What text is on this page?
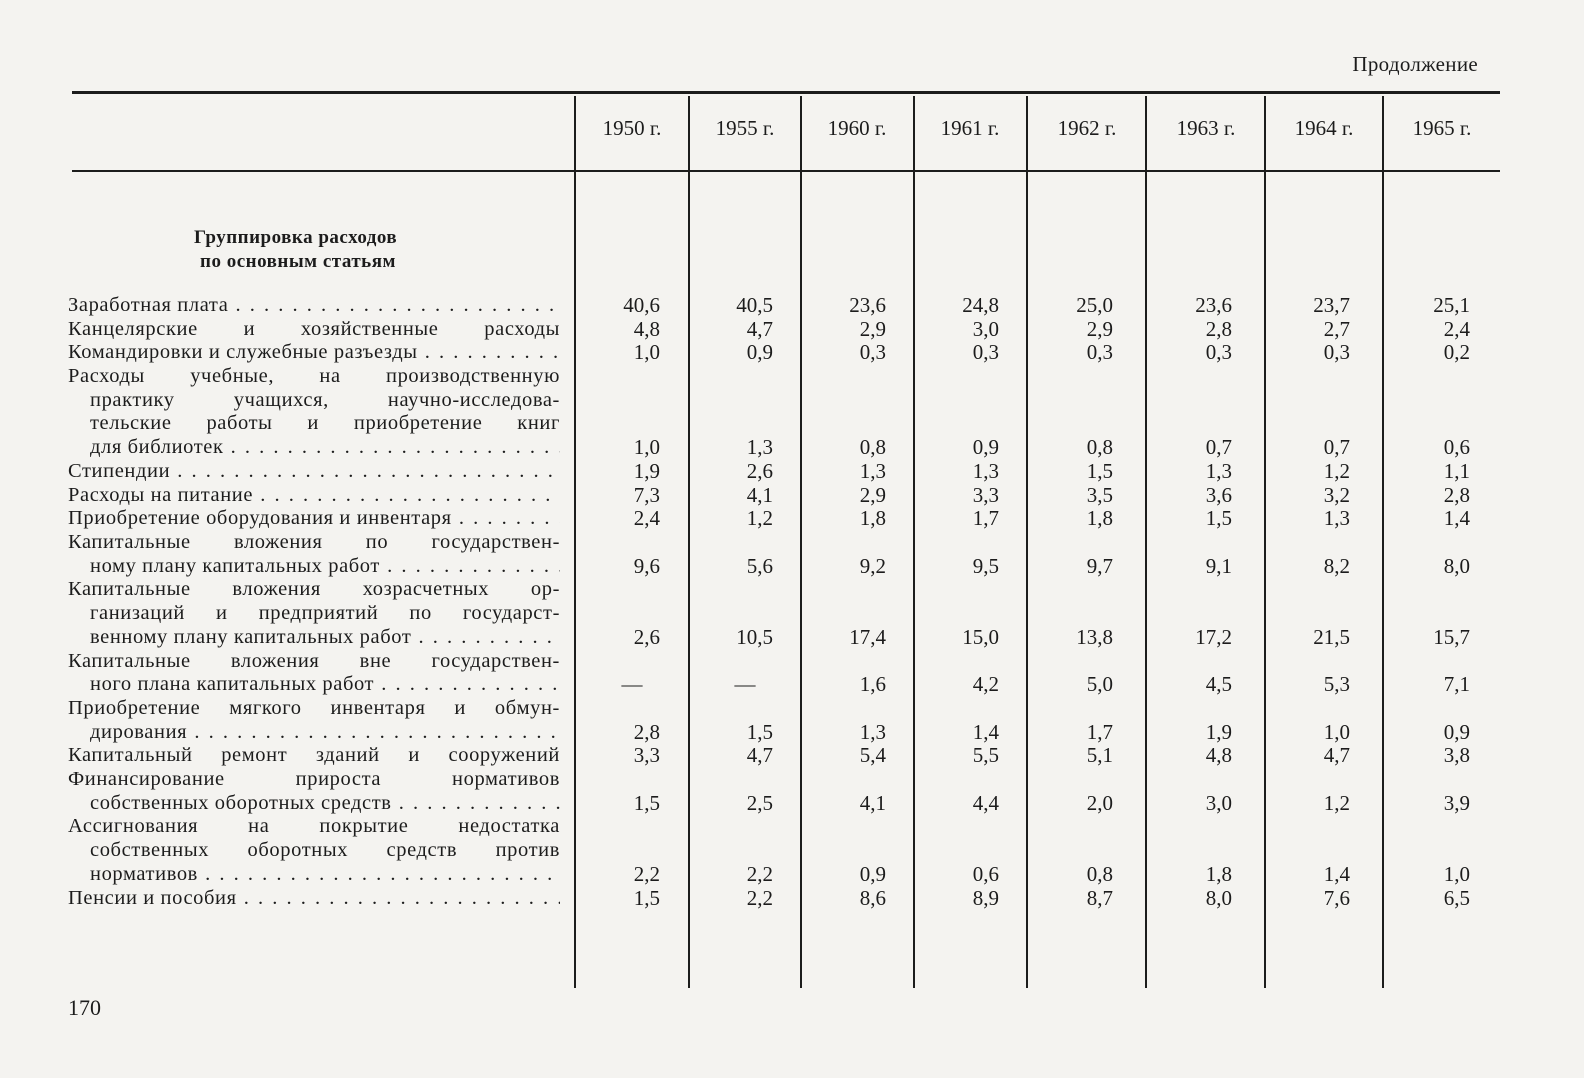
Продолжение
1950 г.	1955 г.	1960 г.	1961 г.	1962 г.	1963 г.	1964 г.	1965 г.
Группировка расходов
по основным статьям
Заработная плата . . .	40,6	40,5	23,6	24,8	25,0	23,6	23,7	25,1
Канцелярские и хозяйственные расходы	4,8	4,7	2,9	3,0	2,9	2,8	2,7	2,4
Командировки и служебные разъезды . . .	1,0	0,9	0,3	0,3	0,3	0,3	0,3	0,2
Расходы учебные, на производственную
практику учащихся, научно-исследова-
тельские работы и приобретение книг
для библиотек . . .	1,0	1,3	0,8	0,9	0,8	0,7	0,7	0,6
Стипендии . . .	1,9	2,6	1,3	1,3	1,5	1,3	1,2	1,1
Расходы на питание . . .	7,3	4,1	2,9	3,3	3,5	3,6	3,2	2,8
Приобретение оборудования и инвентаря . . .	2,4	1,2	1,8	1,7	1,8	1,5	1,3	1,4
Капитальные вложения по государствен-
ному плану капитальных работ . . .	9,6	5,6	9,2	9,5	9,7	9,1	8,2	8,0
Капитальные вложения хозрасчетных ор-
ганизаций и предприятий по государст-
венному плану капитальных работ . . .	2,6	10,5	17,4	15,0	13,8	17,2	21,5	15,7
Капитальные вложения вне государствен-
ного плана капитальных работ . . .	—	—	1,6	4,2	5,0	4,5	5,3	7,1
Приобретение мягкого инвентаря и обмун-
дирования . . .	2,8	1,5	1,3	1,4	1,7	1,9	1,0	0,9
Капитальный ремонт зданий и сооружений	3,3	4,7	5,4	5,5	5,1	4,8	4,7	3,8
Финансирование прироста нормативов
собственных оборотных средств . . .	1,5	2,5	4,1	4,4	2,0	3,0	1,2	3,9
Ассигнования на покрытие недостатка
собственных оборотных средств против
нормативов . . .	2,2	2,2	0,9	0,6	0,8	1,8	1,4	1,0
Пенсии и пособия . . .	1,5	2,2	8,6	8,9	8,7	8,0	7,6	6,5
170
